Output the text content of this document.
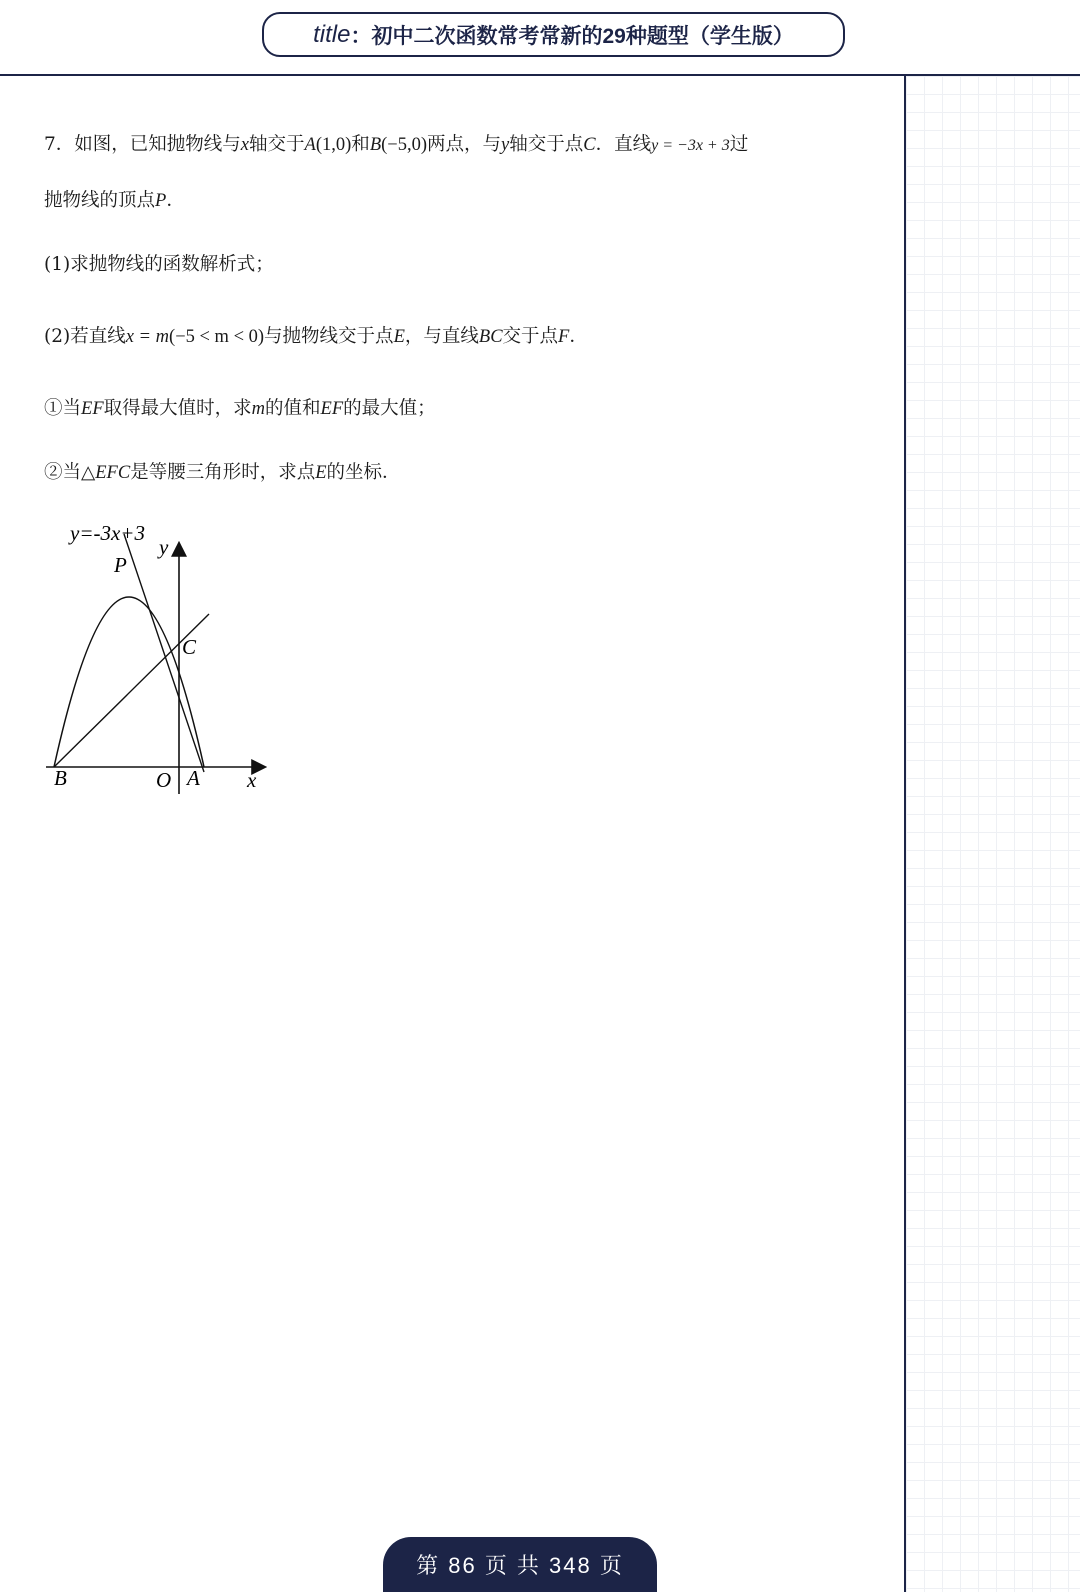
title ： 初中二次函数常考常新的29种题型（学生版）
7．如图，已知抛物线与x轴交于A(1,0)和B(−5,0)两点，与y轴交于点C．直线y = −3x + 3过
抛物线的顶点P．
(1)求抛物线的函数解析式；
(2)若直线x = m(−5 < m < 0)与抛物线交于点E，与直线BC交于点F．
①当EF取得最大值时，求m的值和EF的最大值；
②当△EFC是等腰三角形时，求点E的坐标．
y=-3x+3
y
x
P
C
B	O A
第 86 页 共 348 页
